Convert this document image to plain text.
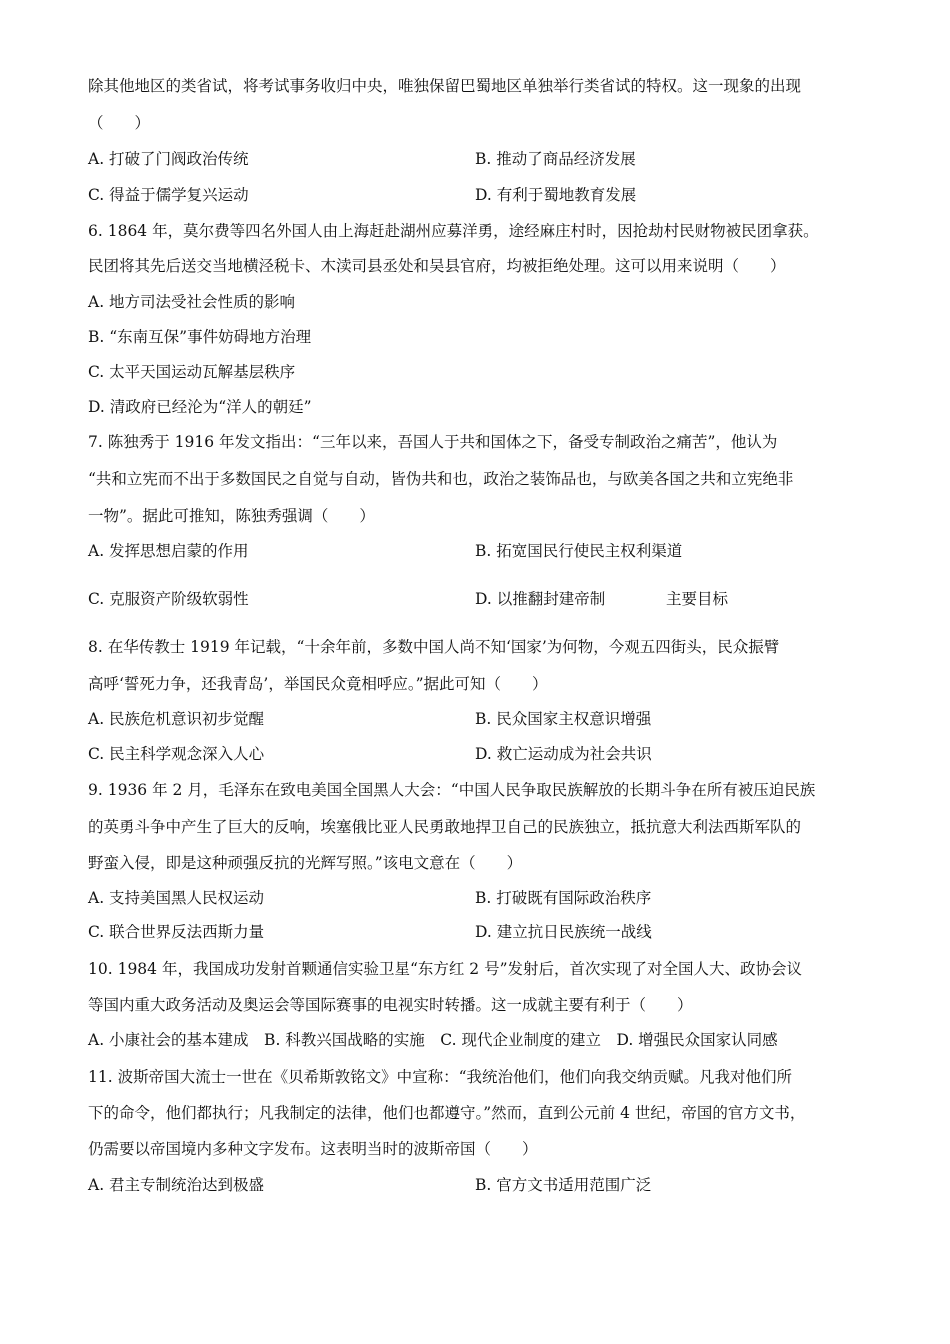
除其他地区的类省试，将考试事务收归中央，唯独保留巴蜀地区单独举行类省试的特权。这一现象的出现
（　　）
A. 打破了门阀政治传统	B. 推动了商品经济发展
C. 得益于儒学复兴运动	D. 有利于蜀地教育发展
6. 1864 年，莫尔费等四名外国人由上海赶赴湖州应募洋勇，途经麻庄村时，因抢劫村民财物被民团拿获。
民团将其先后送交当地横泾税卡、木渎司县丞处和吴县官府，均被拒绝处理。这可以用来说明（　　）
A. 地方司法受社会性质的影响
B. “东南互保”事件妨碍地方治理
C. 太平天国运动瓦解基层秩序
D. 清政府已经沦为“洋人的朝廷”
7. 陈独秀于 1916 年发文指出：“三年以来，吾国人于共和国体之下，备受专制政治之痛苦”，他认为
“共和立宪而不出于多数国民之自觉与自动，皆伪共和也，政治之装饰品也，与欧美各国之共和立宪绝非
一物”。据此可推知，陈独秀强调（　　）
A. 发挥思想启蒙的作用	B. 拓宽国民行使民主权利渠道
C. 克服资产阶级软弱性	D. 以推翻封建帝制	主要目标
8. 在华传教士 1919 年记载，“十余年前，多数中国人尚不知‘国家’为何物，今观五四街头，民众振臂
高呼‘誓死力争，还我青岛’，举国民众竟相呼应。”据此可知（　　）
A. 民族危机意识初步觉醒	B. 民众国家主权意识增强
C. 民主科学观念深入人心	D. 救亡运动成为社会共识
9. 1936 年 2 月，毛泽东在致电美国全国黑人大会：“中国人民争取民族解放的长期斗争在所有被压迫民族
的英勇斗争中产生了巨大的反响，埃塞俄比亚人民勇敢地捍卫自己的民族独立，抵抗意大利法西斯军队的
野蛮入侵，即是这种顽强反抗的光辉写照。”该电文意在（　　）
A. 支持美国黑人民权运动	B. 打破既有国际政治秩序
C. 联合世界反法西斯力量	D. 建立抗日民族统一战线
10. 1984 年，我国成功发射首颗通信实验卫星“东方红 2 号”发射后，首次实现了对全国人大、政协会议
等国内重大政务活动及奥运会等国际赛事的电视实时转播。这一成就主要有利于（　　）
A. 小康社会的基本建成　B. 科教兴国战略的实施　C. 现代企业制度的建立　D. 增强民众国家认同感
11. 波斯帝国大流士一世在《贝希斯敦铭文》中宣称：“我统治他们，他们向我交纳贡赋。凡我对他们所
下的命令，他们都执行；凡我制定的法律，他们也都遵守。”然而，直到公元前 4 世纪，帝国的官方文书，
仍需要以帝国境内多种文字发布。这表明当时的波斯帝国（　　）
A. 君主专制统治达到极盛	B. 官方文书适用范围广泛
